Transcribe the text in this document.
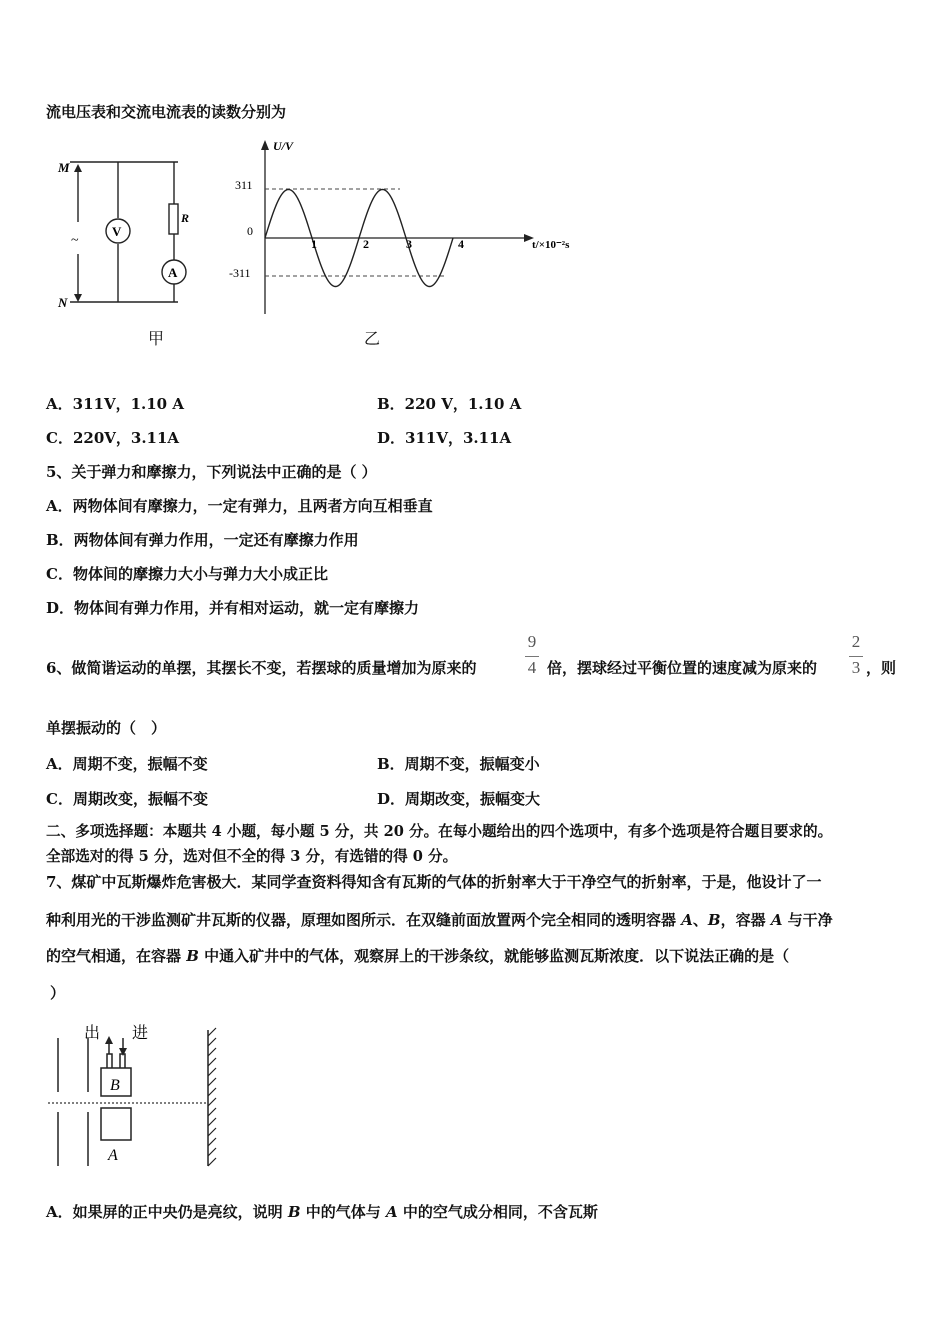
流电压表和交流电流表的读数分别为
M
N
~
V
A
R
甲
U/V
t/×10⁻²s
311
0
-311
1	2	3	4
乙
A．311V，1.10 A	B．220 V，1.10 A
C．220V，3.11A	D．311V，3.11A
5、关于弹力和摩擦力，下列说法中正确的是（ ）
A．两物体间有摩擦力，一定有弹力，且两者方向互相垂直
B．两物体间有弹力作用，一定还有摩擦力作用
C．物体间的摩擦力大小与弹力大小成正比
D．物体间有弹力作用，并有相对运动，就一定有摩擦力
6、做简谐运动的单摆，其摆长不变，若摆球的质量增加为原来的
9
4 倍，摆球经过平衡位置的速度减为原来的
2
3 ，则
单摆振动的（　）
A．周期不变，振幅不变	B．周期不变，振幅变小
C．周期改变，振幅不变	D．周期改变，振幅变大
二、多项选择题：本题共 4 小题，每小题 5 分，共 20 分。在每小题给出的四个选项中，有多个选项是符合题目要求的。
全部选对的得 5 分，选对但不全的得 3 分，有选错的得 0 分。
7、煤矿中瓦斯爆炸危害极大．某同学查资料得知含有瓦斯的气体的折射率大于干净空气的折射率，于是，他设计了一
种利用光的干涉监测矿井瓦斯的仪器，原理如图所示．在双缝前面放置两个完全相同的透明容器 A、B，容器 A 与干净
的空气相通，在容器 B 中通入矿井中的气体，观察屏上的干涉条纹，就能够监测瓦斯浓度．以下说法正确的是（
）
出 进
B
A
A．如果屏的正中央仍是亮纹，说明 B 中的气体与 A 中的空气成分相同，不含瓦斯
